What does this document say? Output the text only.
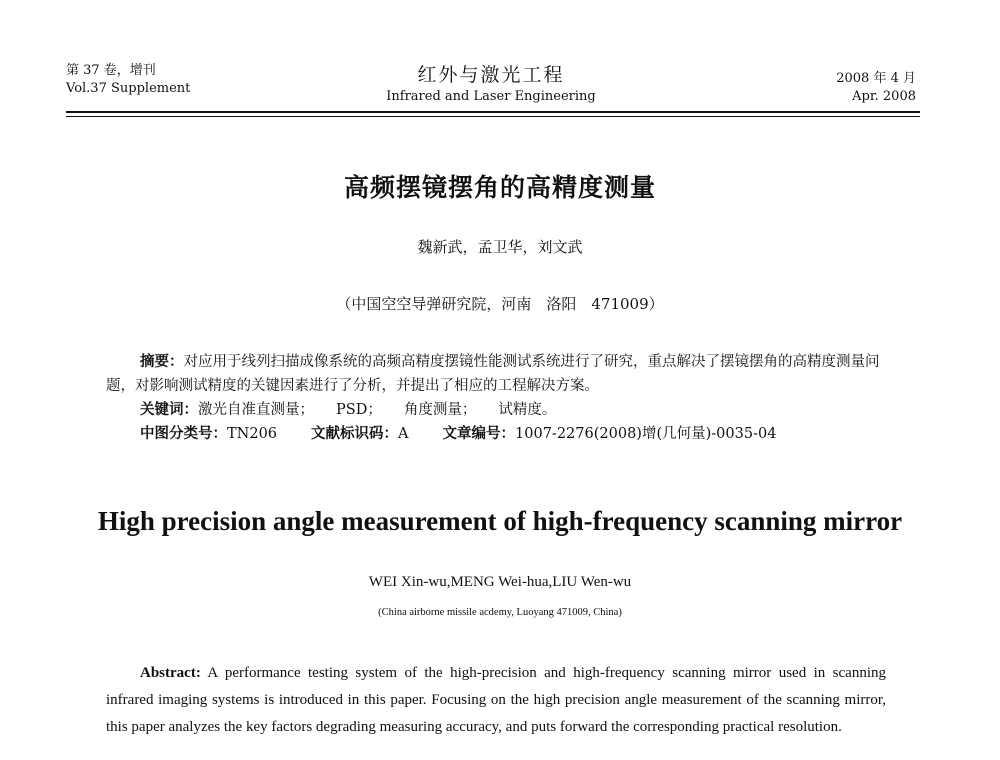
第 37 卷，增刊
Vol.37 Supplement
红外与激光工程
Infrared and Laser Engineering
2008 年 4 月
Apr. 2008
高频摆镜摆角的高精度测量
魏新武，孟卫华，刘文武
（中国空空导弹研究院，河南　洛阳　471009）

摘要：对应用于线列扫描成像系统的高频高精度摆镜性能测试系统进行了研究，重点解决了摆镜摆角的高精度测量问题，对影响测试精度的关键因素进行了分析，并提出了相应的工程解决方案。

关键词：激光自准直测量； PSD； 角度测量； 试精度。

中图分类号：TN206 文献标识码：A 文章编号：1007-2276(2008)增(几何量)-0035-04

High precision angle measurement of high-frequency scanning mirror
WEI Xin-wu,MENG Wei-hua,LIU Wen-wu
(China airborne missile acdemy, Luoyang 471009, China)

Abstract: A performance testing system of the high-precision and high-frequency scanning mirror used in scanning infrared imaging systems is introduced in this paper. Focusing on the high precision angle measurement of the scanning mirror, this paper analyzes the key factors degrading measuring accuracy, and puts forward the corresponding practical resolution.
